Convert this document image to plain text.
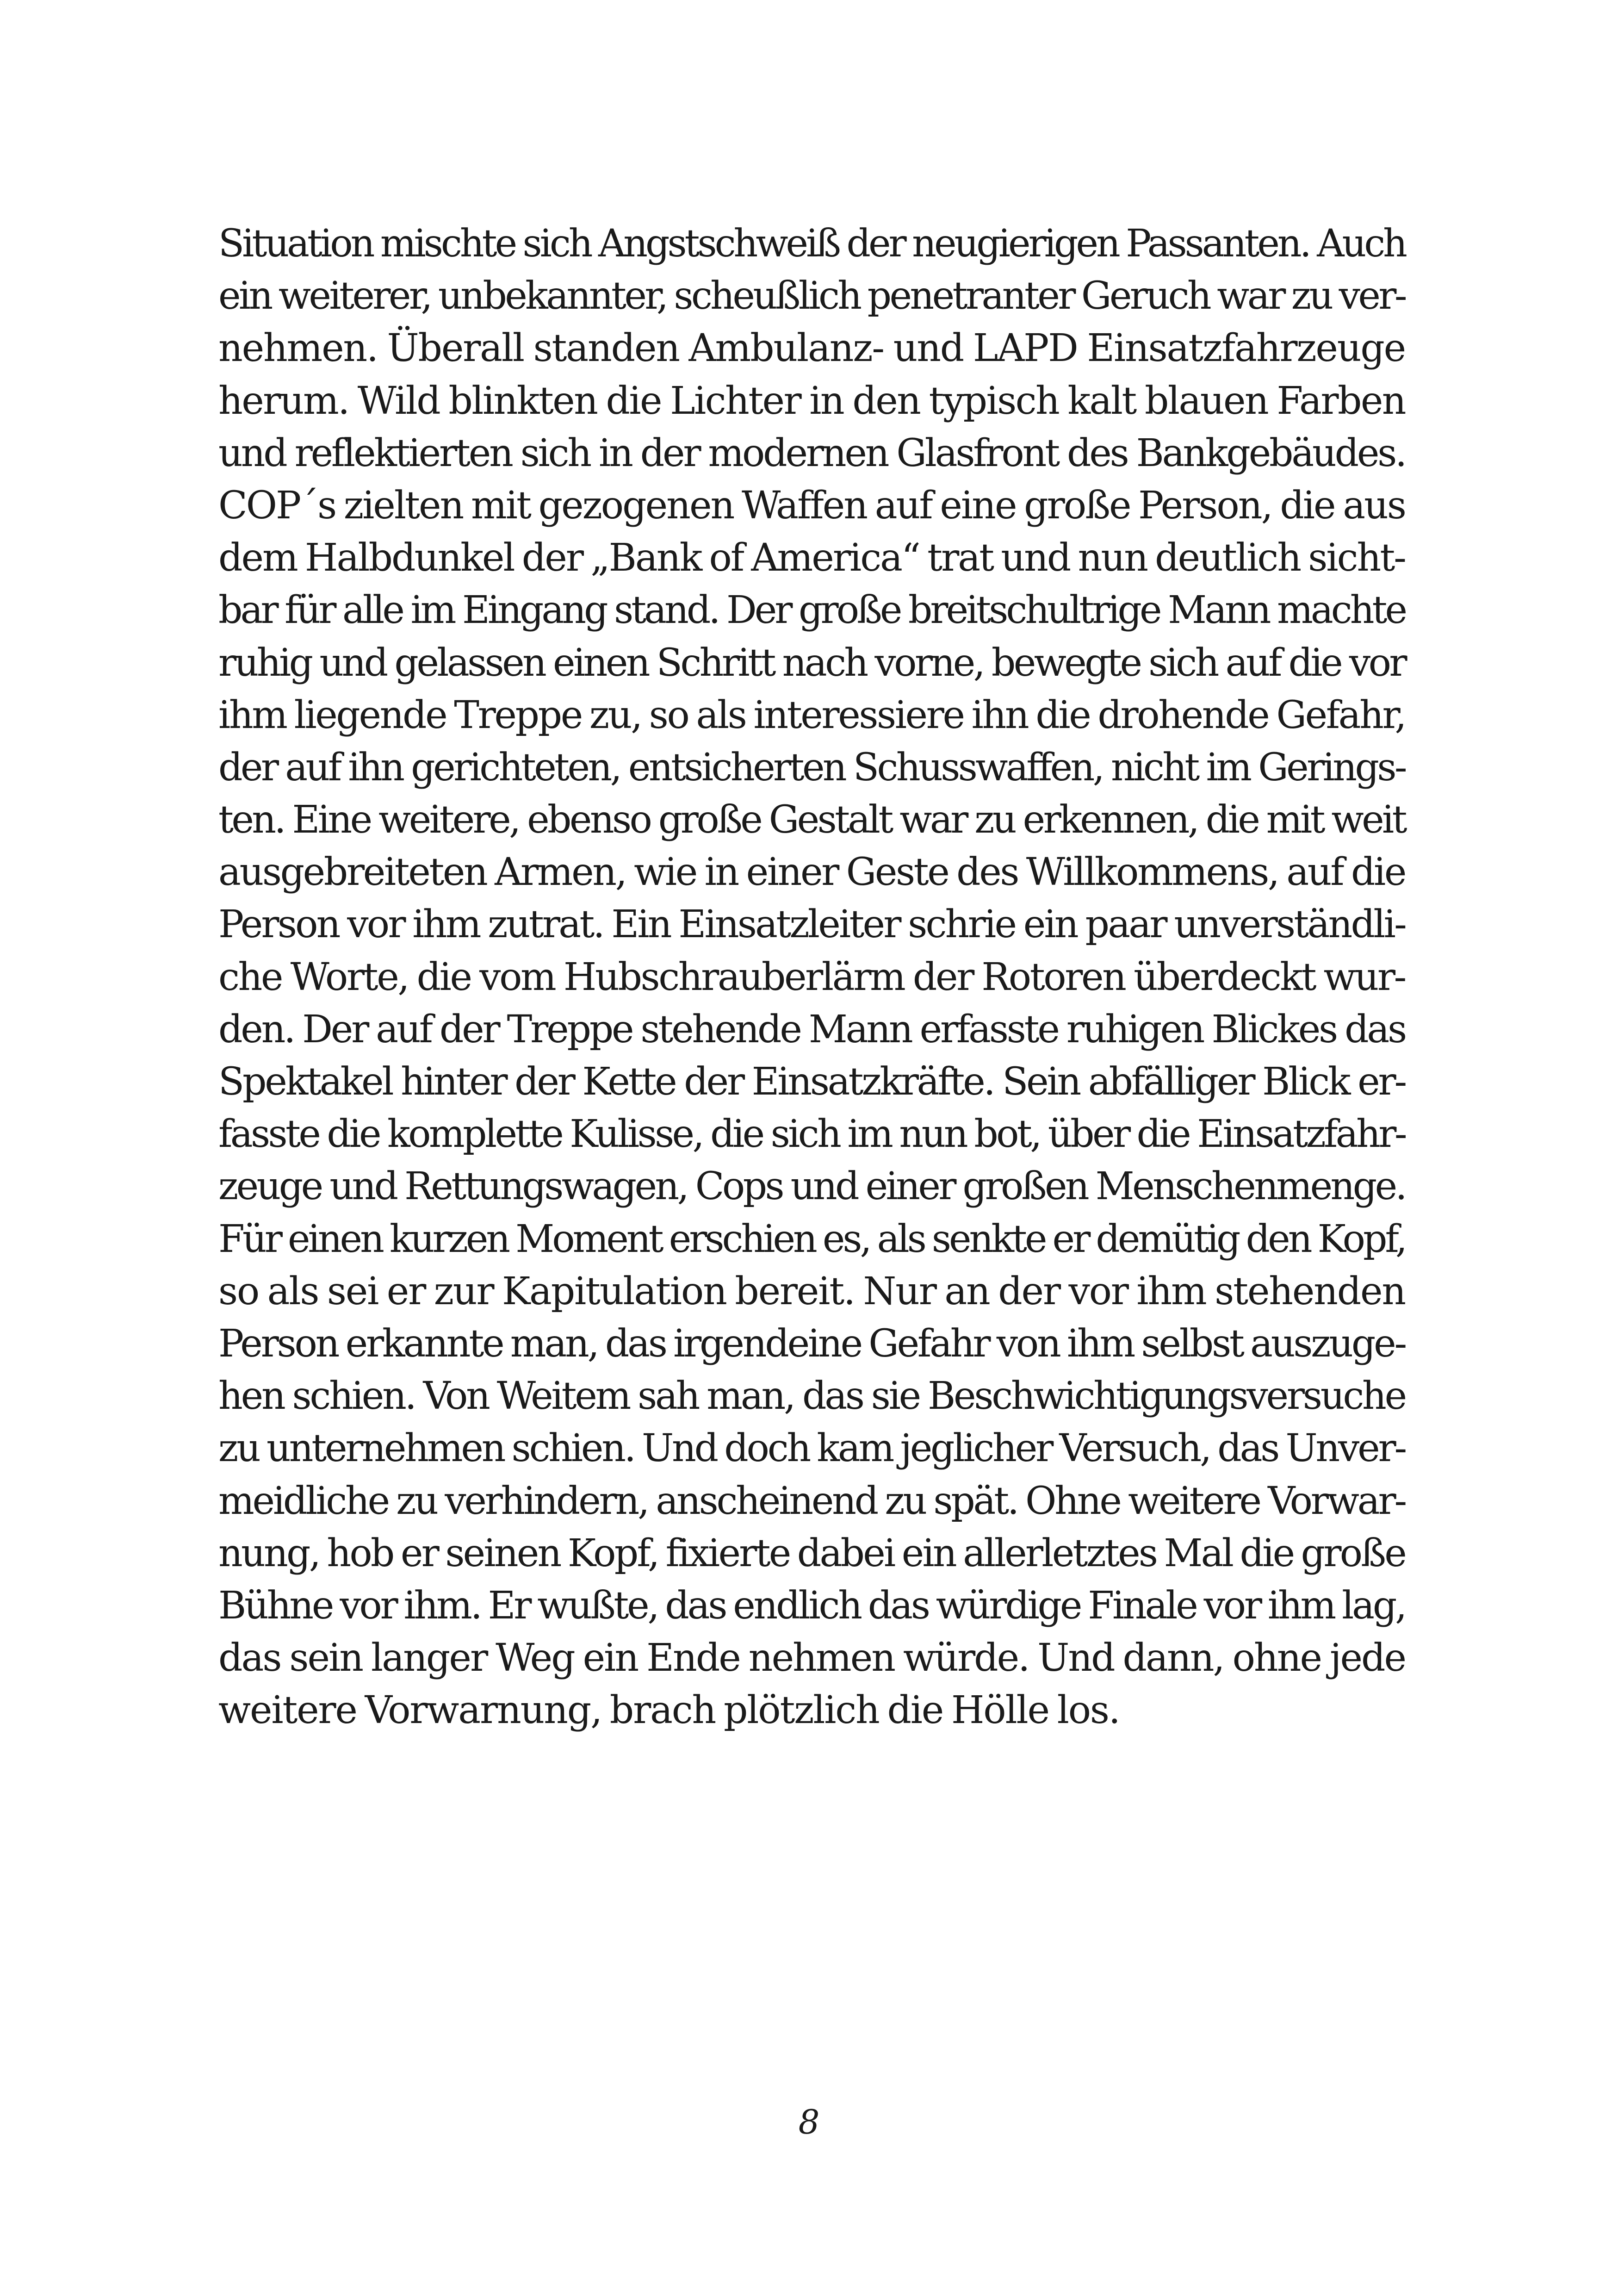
Situation mischte sich Angstschweiß der neugierigen Passanten. Auch
ein weiterer, unbekannter, scheußlich penetranter Geruch war zu ver-
nehmen. Überall standen Ambulanz- und LAPD Einsatzfahrzeuge
herum. Wild blinkten die Lichter in den typisch kalt blauen Farben
und reflektierten sich in der modernen Glasfront des Bankgebäudes.
COP´s zielten mit gezogenen Waffen auf eine große Person, die aus
dem Halbdunkel der „Bank of America“ trat und nun deutlich sicht-
bar für alle im Eingang stand. Der große breitschultrige Mann machte
ruhig und gelassen einen Schritt nach vorne, bewegte sich auf die vor
ihm liegende Treppe zu, so als interessiere ihn die drohende Gefahr,
der auf ihn gerichteten, entsicherten Schusswaffen, nicht im Gerings-
ten. Eine weitere, ebenso große Gestalt war zu erkennen, die mit weit
ausgebreiteten Armen, wie in einer Geste des Willkommens, auf die
Person vor ihm zutrat. Ein Einsatzleiter schrie ein paar unverständli-
che Worte, die vom Hubschrauberlärm der Rotoren überdeckt wur-
den. Der auf der Treppe stehende Mann erfasste ruhigen Blickes das
Spektakel hinter der Kette der Einsatzkräfte. Sein abfälliger Blick er-
fasste die komplette Kulisse, die sich im nun bot, über die Einsatzfahr-
zeuge und Rettungswagen, Cops und einer großen Menschenmenge.
Für einen kurzen Moment erschien es, als senkte er demütig den Kopf,
so als sei er zur Kapitulation bereit. Nur an der vor ihm stehenden
Person erkannte man, das irgendeine Gefahr von ihm selbst auszuge-
hen schien. Von Weitem sah man, das sie Beschwichtigungsversuche
zu unternehmen schien. Und doch kam jeglicher Versuch, das Unver-
meidliche zu verhindern, anscheinend zu spät. Ohne weitere Vorwar-
nung, hob er seinen Kopf, fixierte dabei ein allerletztes Mal die große
Bühne vor ihm. Er wußte, das endlich das würdige Finale vor ihm lag,
das sein langer Weg ein Ende nehmen würde. Und dann, ohne jede
weitere Vorwarnung, brach plötzlich die Hölle los.
8
